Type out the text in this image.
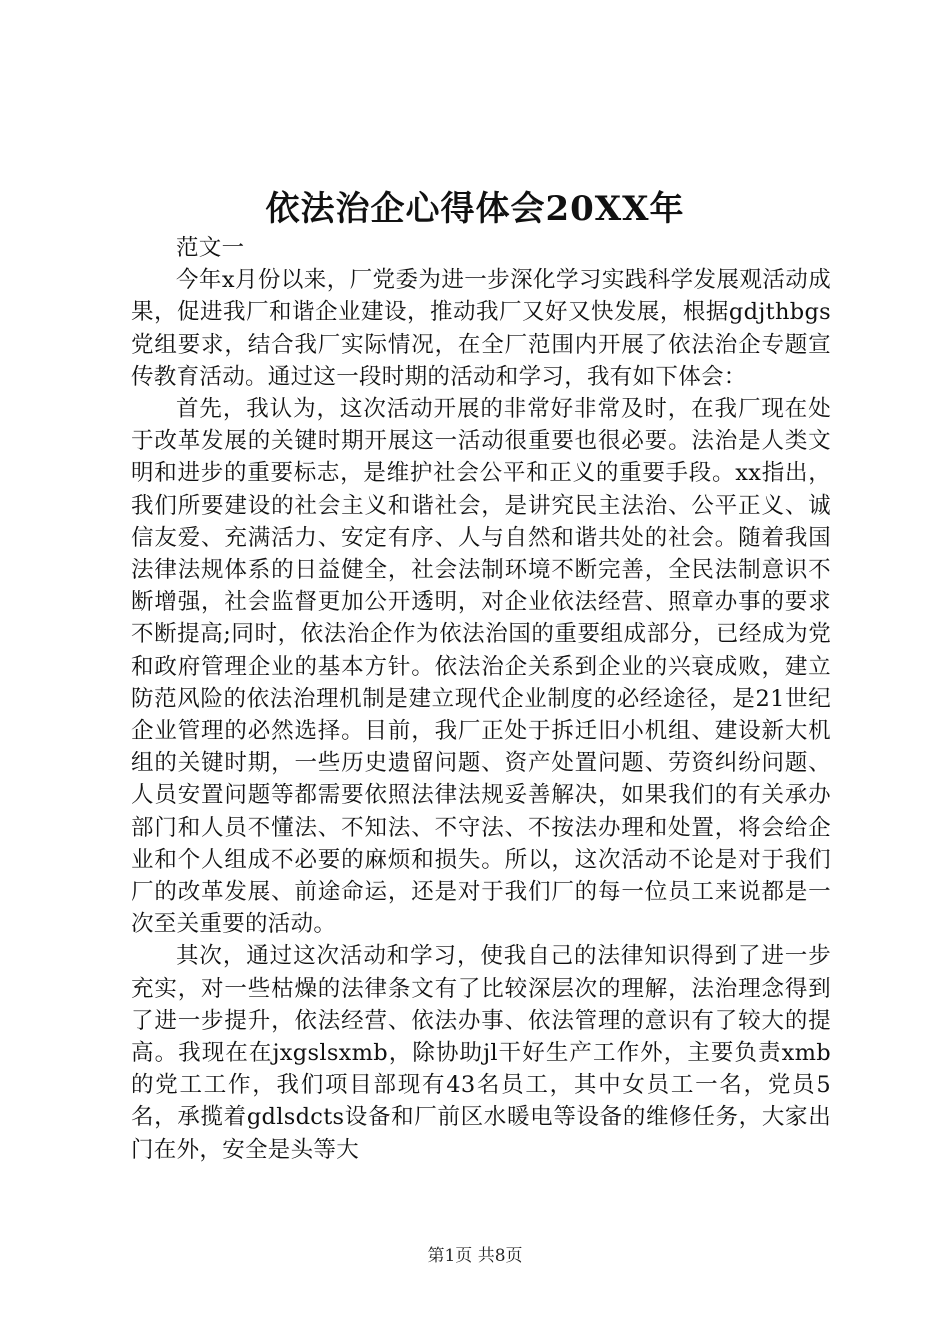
依法治企心得体会20XX年

范文一

今年x月份以来，厂党委为进一步深化学习实践科学发展观活动成果，促进我厂和谐企业建设，推动我厂又好又快发展，根据gdjthbgs党组要求，结合我厂实际情况，在全厂范围内开展了依法治企专题宣传教育活动。通过这一段时期的活动和学习，我有如下体会：

首先，我认为，这次活动开展的非常好非常及时，在我厂现在处于改革发展的关键时期开展这一活动很重要也很必要。法治是人类文明和进步的重要标志，是维护社会公平和正义的重要手段。xx指出，我们所要建设的社会主义和谐社会，是讲究民主法治、公平正义、诚信友爱、充满活力、安定有序、人与自然和谐共处的社会。随着我国法律法规体系的日益健全，社会法制环境不断完善，全民法制意识不断增强，社会监督更加公开透明，对企业依法经营、照章办事的要求不断提高;同时，依法治企作为依法治国的重要组成部分，已经成为党和政府管理企业的基本方针。依法治企关系到企业的兴衰成败，建立防范风险的依法治理机制是建立现代企业制度的必经途径，是21世纪企业管理的必然选择。目前，我厂正处于拆迁旧小机组、建设新大机组的关键时期，一些历史遗留问题、资产处置问题、劳资纠纷问题、人员安置问题等都需要依照法律法规妥善解决，如果我们的有关承办部门和人员不懂法、不知法、不守法、不按法办理和处置，将会给企业和个人组成不必要的麻烦和损失。所以，这次活动不论是对于我们厂的改革发展、前途命运，还是对于我们厂的每一位员工来说都是一次至关重要的活动。

其次，通过这次活动和学习，使我自己的法律知识得到了进一步充实，对一些枯燥的法律条文有了比较深层次的理解，法治理念得到了进一步提升，依法经营、依法办事、依法管理的意识有了较大的提高。我现在在jxgslsxmb，除协助jl干好生产工作外，主要负责xmb的党工工作，我们项目部现有43名员工，其中女员工一名，党员5名，承揽着gdlsdcts设备和厂前区水暖电等设备的维修任务，大家出门在外，安全是头等大

第1页 共8页
